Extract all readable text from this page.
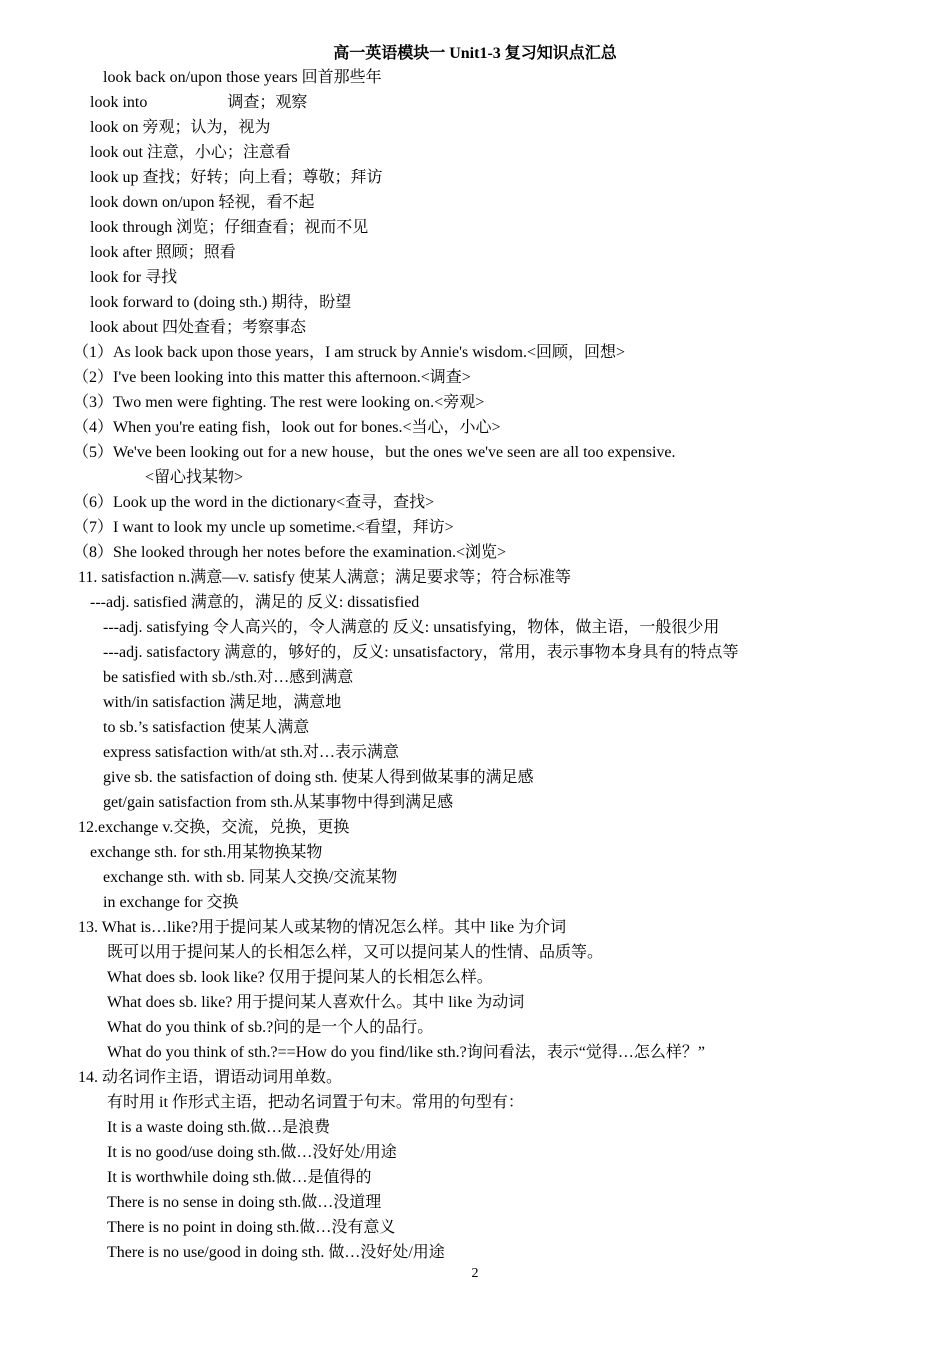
高一英语模块一 Unit1-3 复习知识点汇总
look back on/upon those years 回首那些年
look into                    调查；观察
look on 旁观；认为，视为
look out 注意，小心；注意看
look up 查找；好转；向上看；尊敬；拜访
look down on/upon 轻视，看不起
look through 浏览；仔细查看；视而不见
look after 照顾；照看
look for 寻找
look forward to (doing sth.) 期待，盼望
look about 四处查看；考察事态
（1）As look back upon those years，I am struck by Annie's wisdom.<回顾，回想>
（2）I've been looking into this matter this afternoon.<调查>
（3）Two men were fighting. The rest were looking on.<旁观>
（4）When you're eating fish，look out for bones.<当心，小心>
（5）We've been looking out for a new house，but the ones we've seen are all too expensive.
<留心找某物>
（6）Look up the word in the dictionary<查寻，查找>
（7）I want to look my uncle up sometime.<看望，拜访>
（8）She looked through her notes before the examination.<浏览>
11. satisfaction n.满意—v. satisfy 使某人满意；满足要求等；符合标准等
---adj. satisfied 满意的，满足的 反义: dissatisfied
---adj. satisfying 令人高兴的，令人满意的 反义: unsatisfying，物体，做主语，一般很少用
---adj. satisfactory 满意的，够好的，反义: unsatisfactory，常用，表示事物本身具有的特点等
be satisfied with sb./sth.对…感到满意
with/in satisfaction 满足地，满意地
to sb.’s satisfaction 使某人满意
express satisfaction with/at sth.对…表示满意
give sb. the satisfaction of doing sth. 使某人得到做某事的满足感
get/gain satisfaction from sth.从某事物中得到满足感
12.exchange v.交换，交流，兑换，更换
exchange sth. for sth.用某物换某物
exchange sth. with sb. 同某人交换/交流某物
in exchange for 交换
13. What is…like?用于提问某人或某物的情况怎么样。其中 like 为介词
既可以用于提问某人的长相怎么样，又可以提问某人的性情、品质等。
What does sb. look like? 仅用于提问某人的长相怎么样。
What does sb. like? 用于提问某人喜欢什么。其中 like 为动词
What do you think of sb.?问的是一个人的品行。
What do you think of sth.?==How do you find/like sth.?询问看法，表示“觉得…怎么样？”
14. 动名词作主语，谓语动词用单数。
有时用 it 作形式主语，把动名词置于句末。常用的句型有：
It is a waste doing sth.做…是浪费
It is no good/use doing sth.做…没好处/用途
It is worthwhile doing sth.做…是值得的
There is no sense in doing sth.做…没道理
There is no point in doing sth.做…没有意义
There is no use/good in doing sth. 做…没好处/用途
2
